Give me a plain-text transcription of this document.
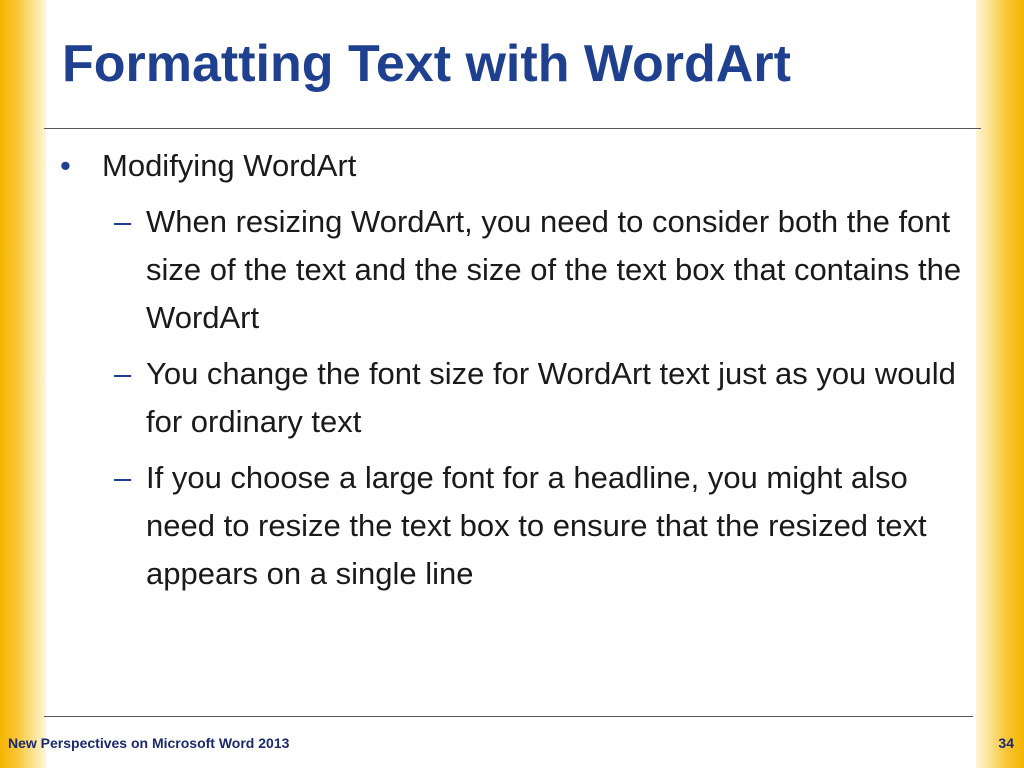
Formatting Text with WordArt
• Modifying WordArt
– When resizing WordArt, you need to consider both the font size of the text and the size of the text box that contains the WordArt
– You change the font size for WordArt text just as you would for ordinary text
– If you choose a large font for a headline, you might also need to resize the text box to ensure that the resized text appears on a single line
New Perspectives on Microsoft Word 2013	34
